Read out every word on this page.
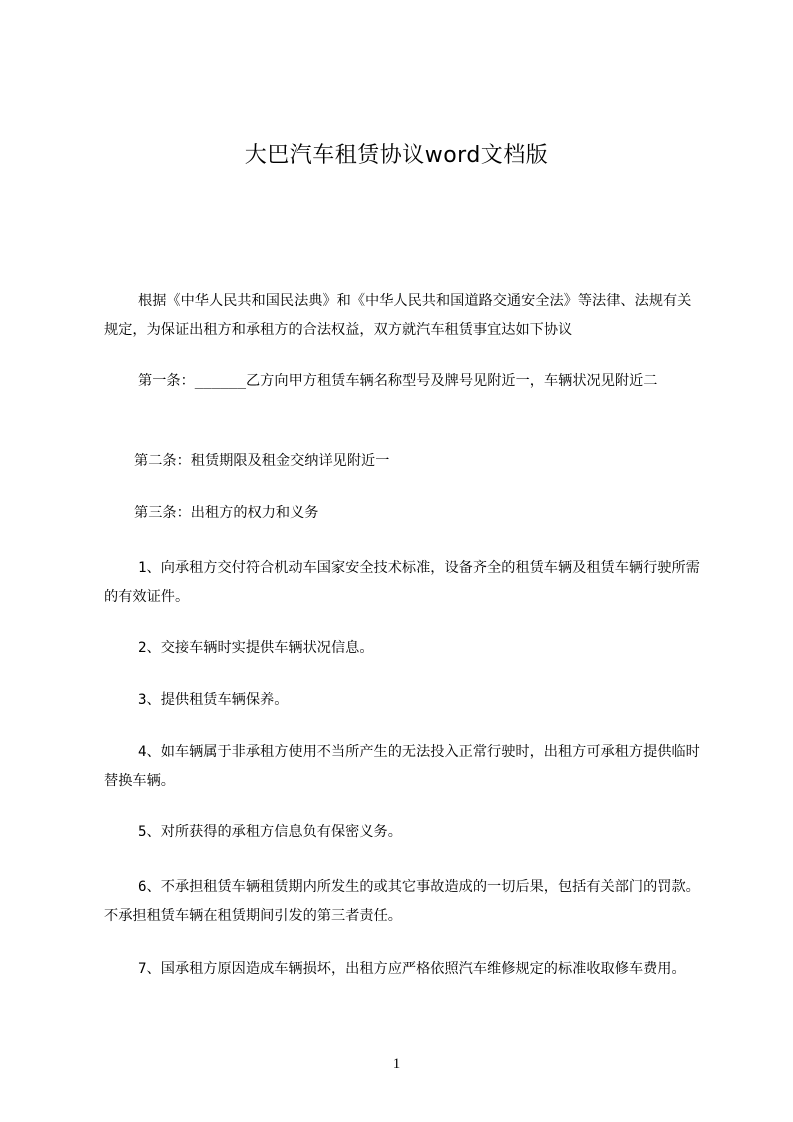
大巴汽车租赁协议word文档版

根据《中华人民共和国民法典》和《中华人民共和国道路交通安全法》等法律、法规有关规定，为保证出租方和承租方的合法权益，双方就汽车租赁事宜达如下协议

第一条：______乙方向甲方租赁车辆名称型号及牌号见附近一，车辆状况见附近二

第二条：租赁期限及租金交纳详见附近一

第三条：出租方的权力和义务

1、向承租方交付符合机动车国家安全技术标准，设备齐全的租赁车辆及租赁车辆行驶所需的有效证件。

2、交接车辆时实提供车辆状况信息。

3、提供租赁车辆保养。

4、如车辆属于非承租方使用不当所产生的无法投入正常行驶时，出租方可承租方提供临时替换车辆。

5、对所获得的承租方信息负有保密义务。

6、不承担租赁车辆租赁期内所发生的或其它事故造成的一切后果，包括有关部门的罚款。不承担租赁车辆在租赁期间引发的第三者责任。

7、国承租方原因造成车辆损坏，出租方应严格依照汽车维修规定的标准收取修车费用。

1
